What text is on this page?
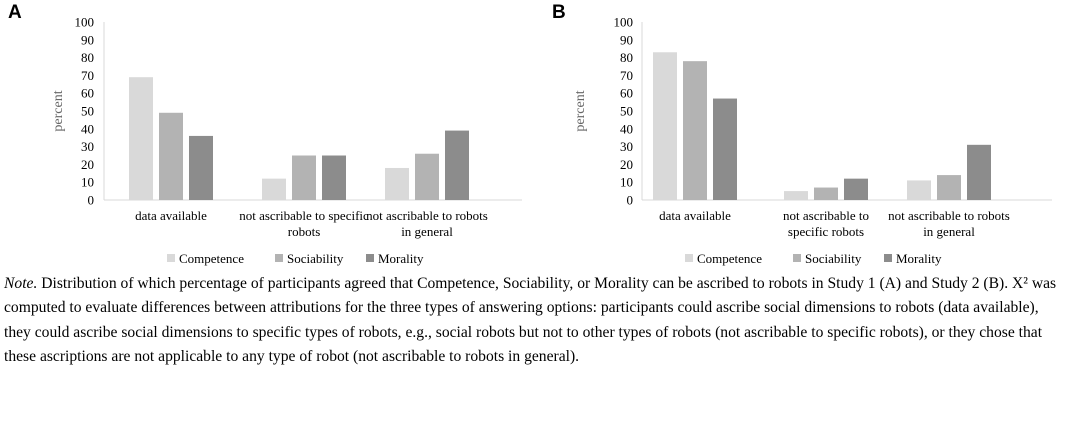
A
0
10
20
30
40
50
60
70
80
90
100
percent
data available not ascribable to specific
robots
not ascribable to robots
in general
Competence	Sociability	Morality
B
0
10
20
30
40
50
60
70
80
90
100
percent
data available	not ascribable to
specific robots
not ascribable to robots
in general
Competence	Sociability	Morality

Note. Distribution of which percentage of participants agreed that Competence, Sociability, or Morality can be ascribed to robots in Study 1 (A) and Study 2 (B). X² was computed to evaluate differences between attributions for the three types of answering options: participants could ascribe social dimensions to robots (data available), they could ascribe social dimensions to specific types of robots, e.g., social robots but not to other types of robots (not ascribable to specific robots), or they chose that these ascriptions are not applicable to any type of robot (not ascribable to robots in general).
